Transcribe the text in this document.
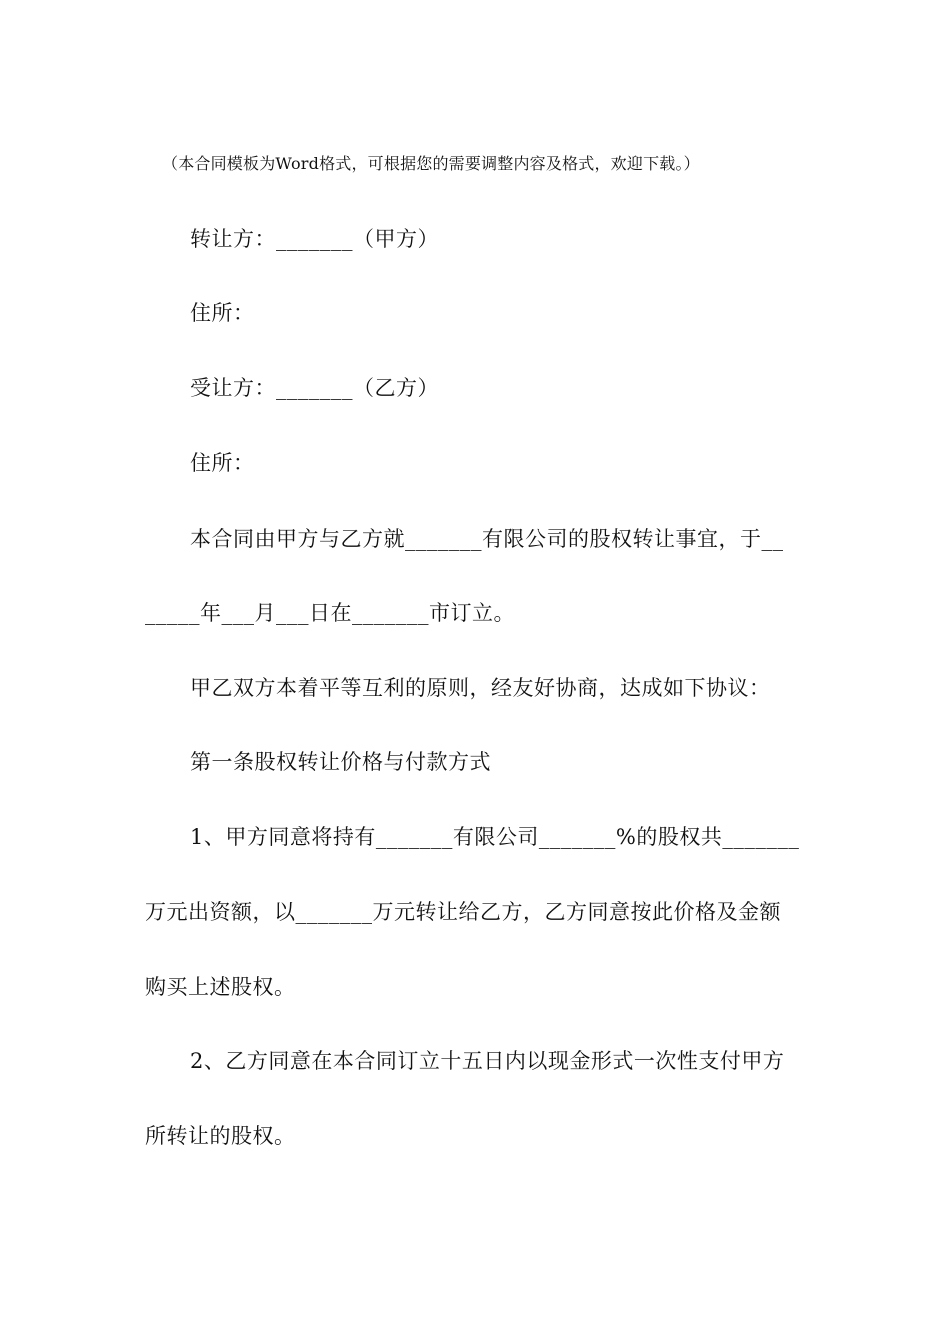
（本合同模板为Word格式，可根据您的需要调整内容及格式，欢迎下载。）
转让方：_______（甲方）
住所：
受让方：_______（乙方）
住所：
本合同由甲方与乙方就_______有限公司的股权转让事宜，于__
_____年___月___日在_______市订立。
甲乙双方本着平等互利的原则，经友好协商，达成如下协议：
第一条股权转让价格与付款方式
1、甲方同意将持有_______有限公司_______%的股权共_______
万元出资额，以_______万元转让给乙方，乙方同意按此价格及金额
购买上述股权。
2、乙方同意在本合同订立十五日内以现金形式一次性支付甲方
所转让的股权。
